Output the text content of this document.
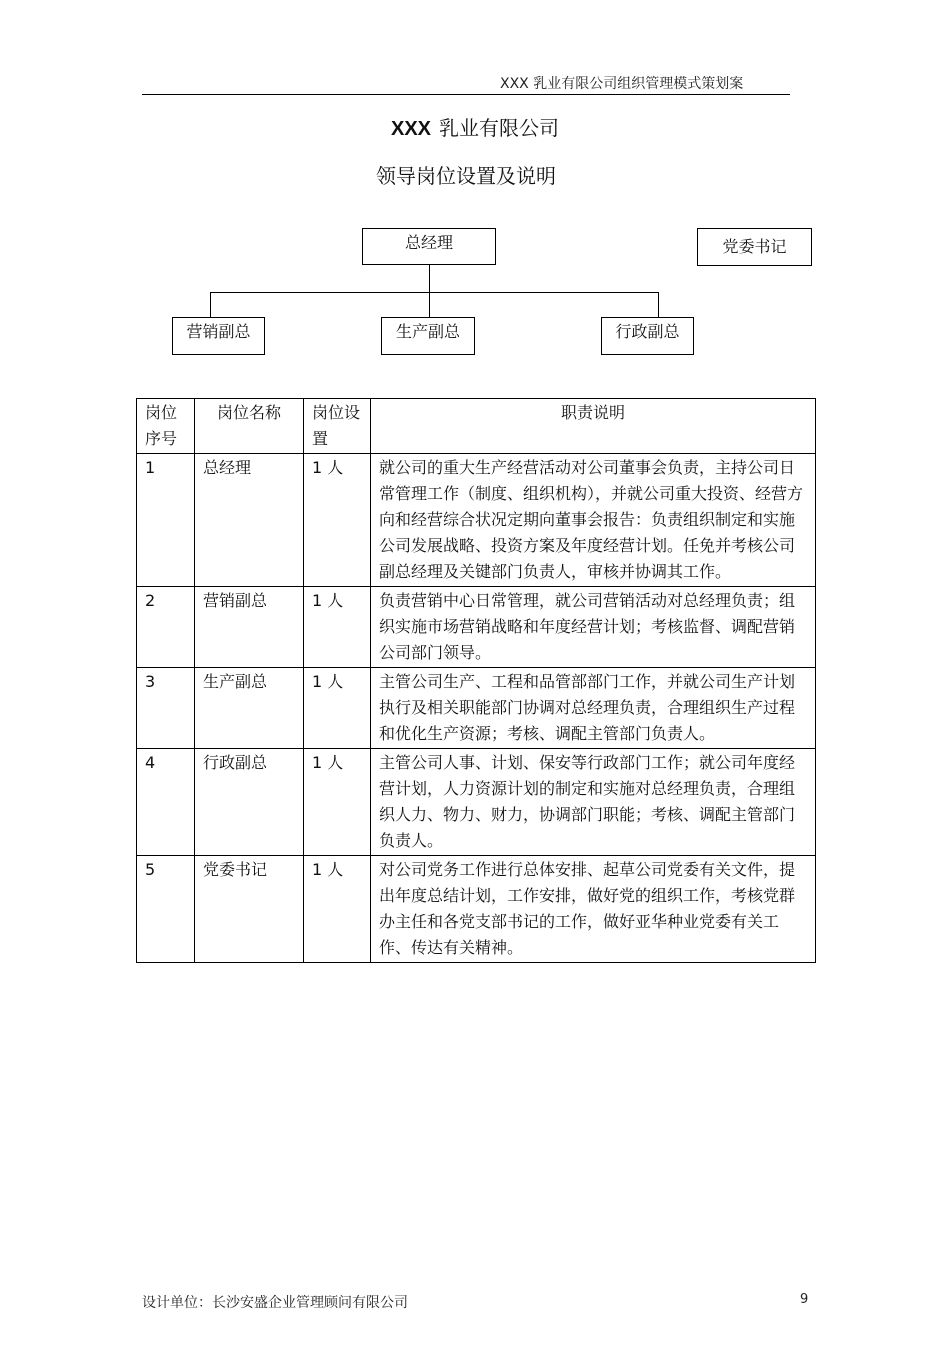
XXX 乳业有限公司组织管理模式策划案
XXX 乳业有限公司
领导岗位设置及说明
总经理	党委书记
营销副总	生产副总	行政副总
岗位序号	岗位名称	岗位设置	职责说明
1	总经理	1 人	就公司的重大生产经营活动对公司董事会负责，主持公司日常管理工作（制度、组织机构），并就公司重大投资、经营方向和经营综合状况定期向董事会报告：负责组织制定和实施公司发展战略、投资方案及年度经营计划。任免并考核公司副总经理及关键部门负责人，审核并协调其工作。
2	营销副总	1 人	负责营销中心日常管理，就公司营销活动对总经理负责；组织实施市场营销战略和年度经营计划；考核监督、调配营销公司部门领导。
3	生产副总	1 人	主管公司生产、工程和品管部部门工作，并就公司生产计划执行及相关职能部门协调对总经理负责，合理组织生产过程和优化生产资源；考核、调配主管部门负责人。
4	行政副总	1 人	主管公司人事、计划、保安等行政部门工作；就公司年度经营计划，人力资源计划的制定和实施对总经理负责，合理组织人力、物力、财力，协调部门职能；考核、调配主管部门负责人。
5	党委书记	1 人	对公司党务工作进行总体安排、起草公司党委有关文件，提出年度总结计划，工作安排，做好党的组织工作，考核党群办主任和各党支部书记的工作，做好亚华种业党委有关工作、传达有关精神。
设计单位：长沙安盛企业管理顾问有限公司	9
